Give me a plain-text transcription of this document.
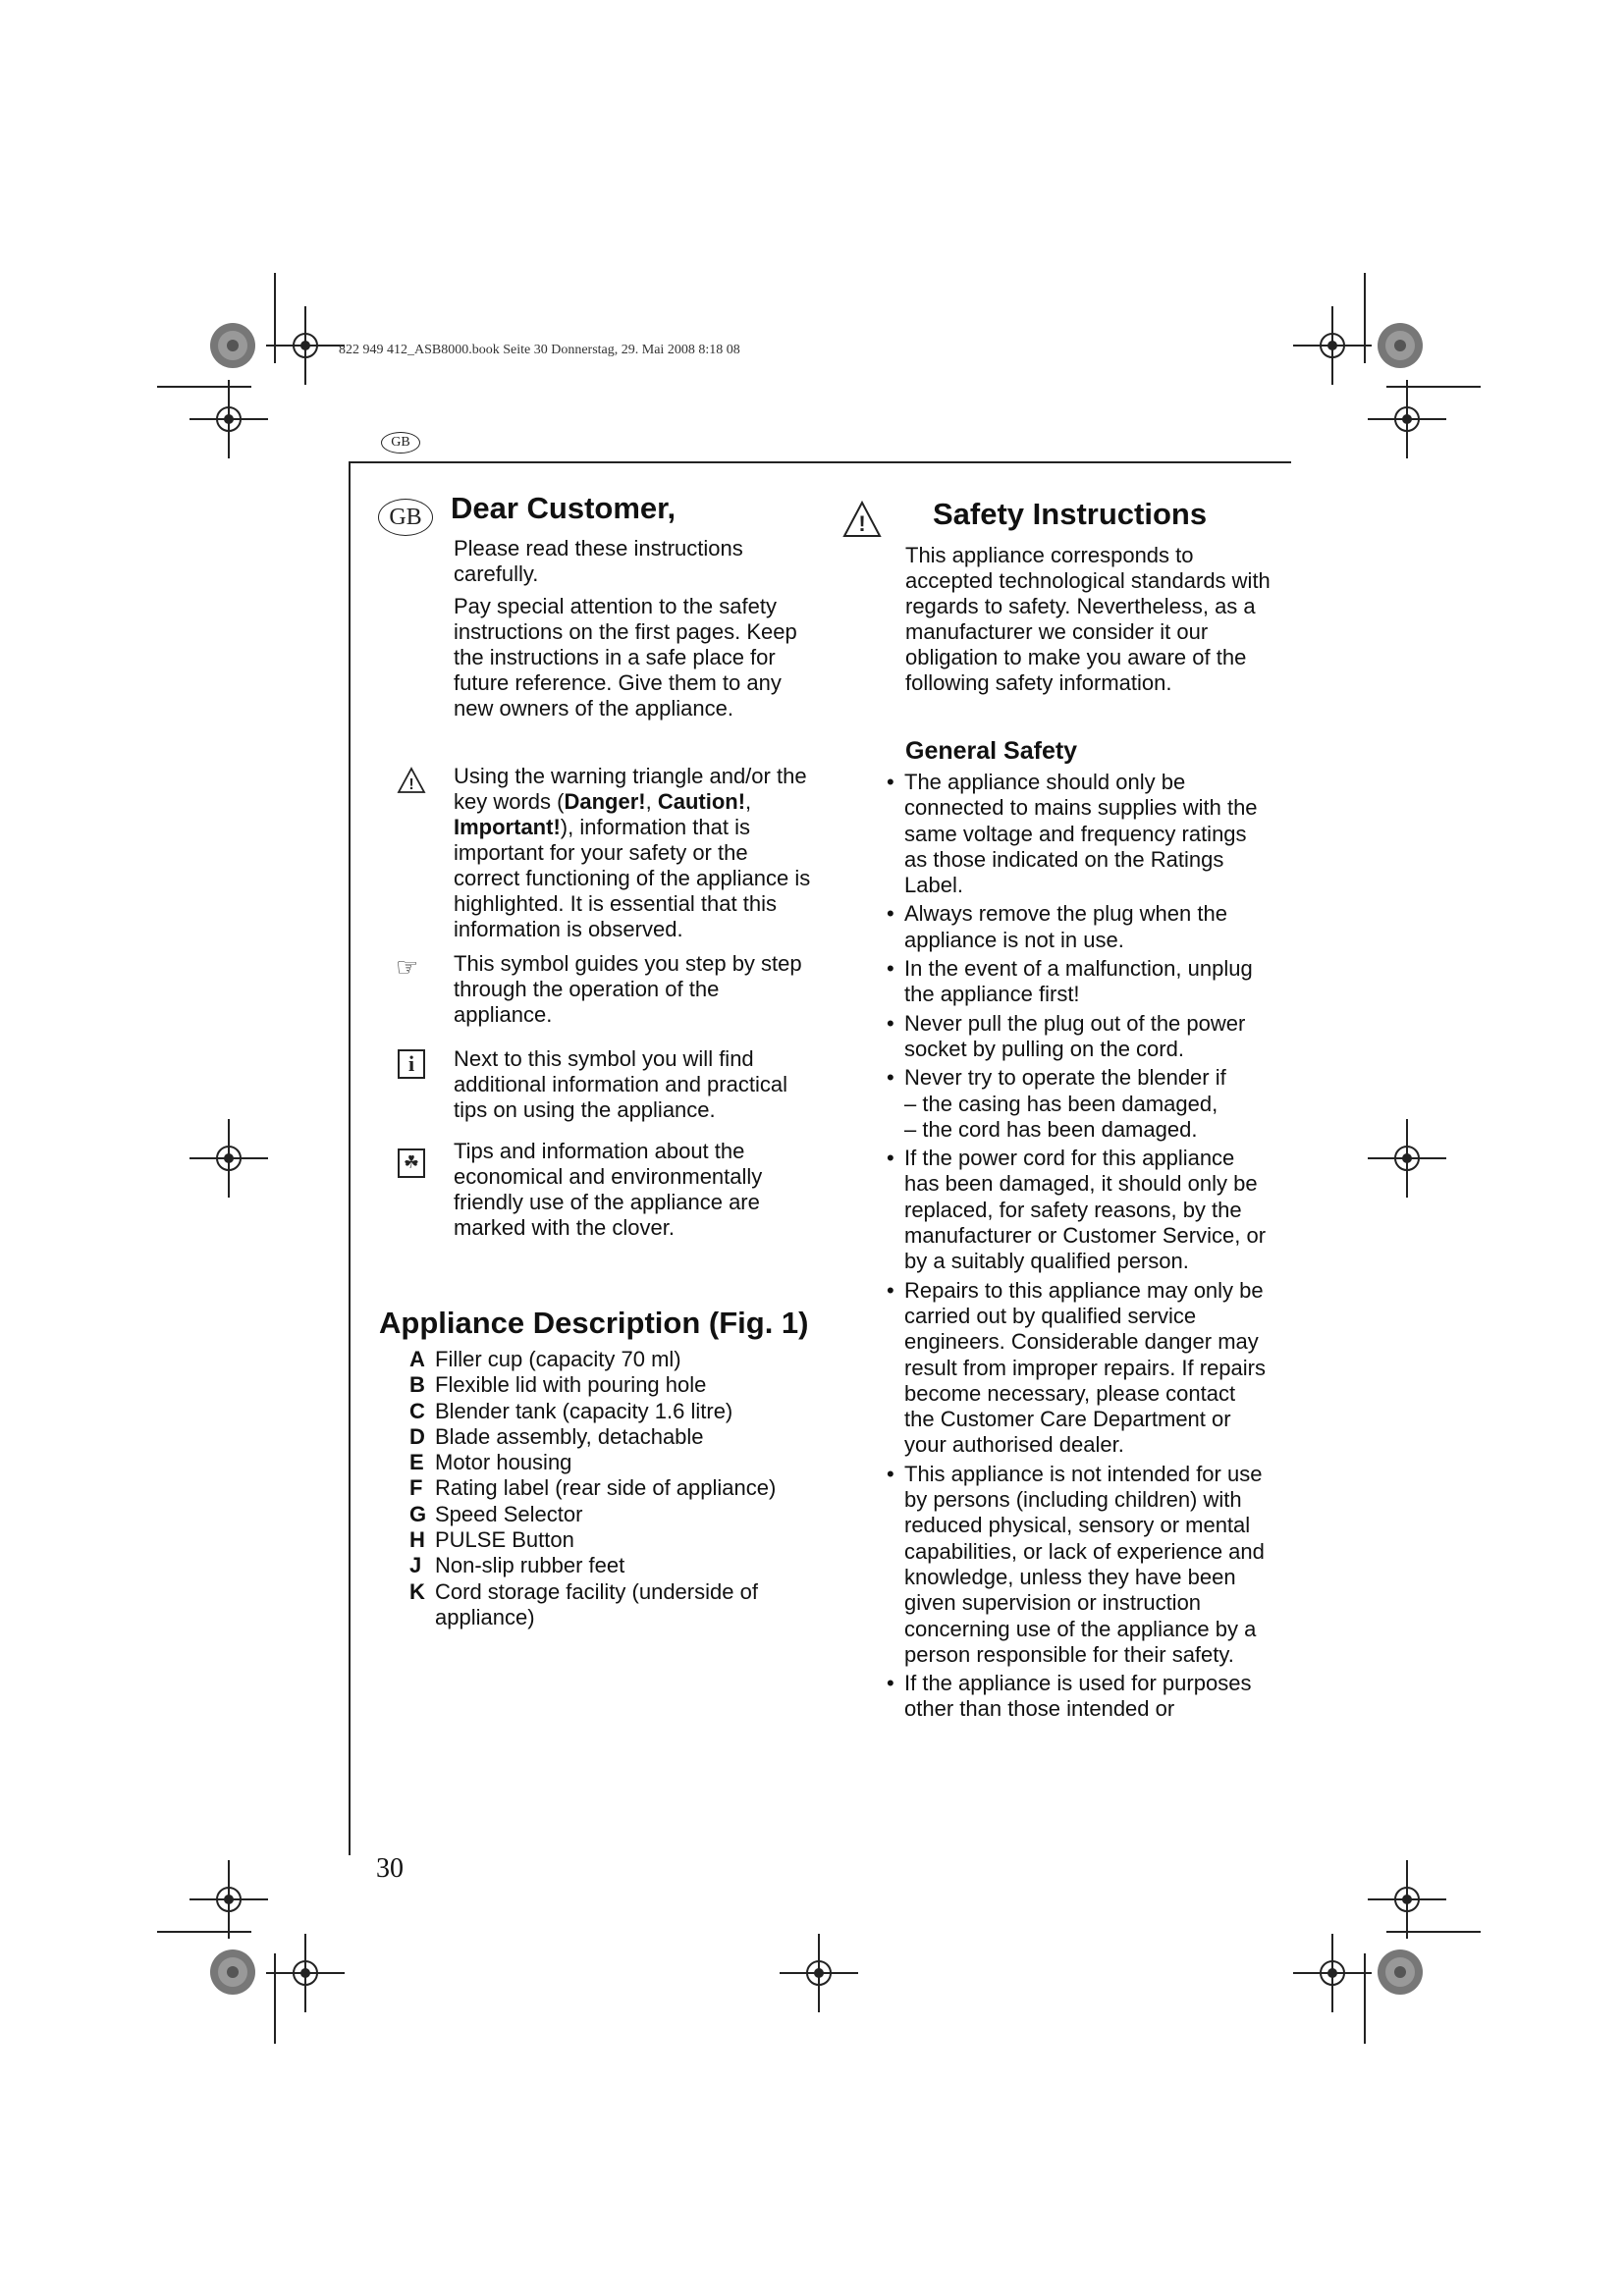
822 949 412_ASB8000.book Seite 30 Donnerstag, 29. Mai 2008 8:18 08
GB
GB Dear Customer,

Please read these instructions carefully.

Pay special attention to the safety instructions on the first pages. Keep the instructions in a safe place for future reference. Give them to any new owners of the appliance.

! Using the warning triangle and/or the key words (Danger!, Caution!, Important!), information that is important for your safety or the correct functioning of the appliance is highlighted. It is essential that this information is observed.
☞ This symbol guides you step by step through the operation of the appliance.
i	Next to this symbol you will find additional information and practical tips on using the appliance.
☘ Tips and information about the economical and environmentally friendly use of the appliance are marked with the clover.
Appliance Description (Fig. 1)
A Filler cup (capacity 70 ml)
B Flexible lid with pouring hole
C Blender tank (capacity 1.6 litre)
D Blade assembly, detachable
E Motor housing
F Rating label (rear side of appliance)
G Speed Selector
H PULSE Button
J Non-slip rubber feet
K Cord storage facility (underside of appliance)
! Safety Instructions
This appliance corresponds to accepted technological standards with regards to safety. Nevertheless, as a manufacturer we consider it our obligation to make you aware of the following safety information.
General Safety
• The appliance should only be connected to mains supplies with the same voltage and frequency ratings as those indicated on the Ratings Label.
• Always remove the plug when the appliance is not in use.
• In the event of a malfunction, unplug the appliance first!
• Never pull the plug out of the power socket by pulling on the cord.
• Never try to operate the blender if
– the casing has been damaged,
– the cord has been damaged.
• If the power cord for this appliance has been damaged, it should only be replaced, for safety reasons, by the manufacturer or Customer Service, or by a suitably qualified person.
• Repairs to this appliance may only be carried out by qualified service engineers. Considerable danger may result from improper repairs. If repairs become necessary, please contact the Customer Care Department or your authorised dealer.
• This appliance is not intended for use by persons (including children) with reduced physical, sensory or mental capabilities, or lack of experience and knowledge, unless they have been given supervision or instruction concerning use of the appliance by a person responsible for their safety.
• If the appliance is used for purposes other than those intended or
30
